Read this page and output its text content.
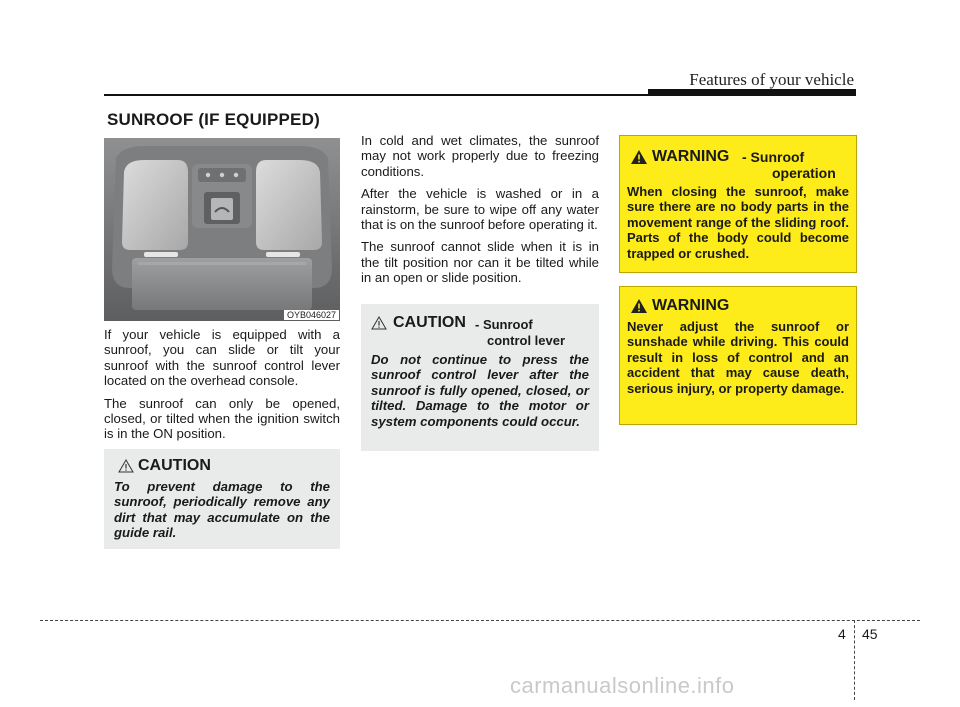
Features of your vehicle
SUNROOF (IF EQUIPPED)
OYB046027

If your vehicle is equipped with a sunroof, you can slide or tilt your sunroof with the sunroof control lever located on the overhead console.

The sunroof can only be opened, closed, or tilted when the ignition switch is in the ON position.

In cold and wet climates, the sunroof may not work properly due to freezing conditions.

After the vehicle is washed or in a rainstorm, be sure to wipe off any water that is on the sunroof before operating it.

The sunroof cannot slide when it is in the tilt position nor can it be tilted while in an open or slide position.

CAUTION
To prevent damage to the sunroof, periodically remove any dirt that may accumulate on the guide rail.
CAUTION - Sunroof
control lever
Do not continue to press the sunroof control lever after the sunroof is fully opened, closed, or tilted. Damage to the motor or system components could occur.
WARNING - Sunroof
operation
When closing the sunroof, make sure there are no body parts in the movement range of the sliding roof. Parts of the body could become trapped or crushed.
WARNING
Never adjust the sunroof or sunshade while driving. This could result in loss of control and an accident that may cause death, serious injury, or property damage.
4 45
carmanualsonline.info
